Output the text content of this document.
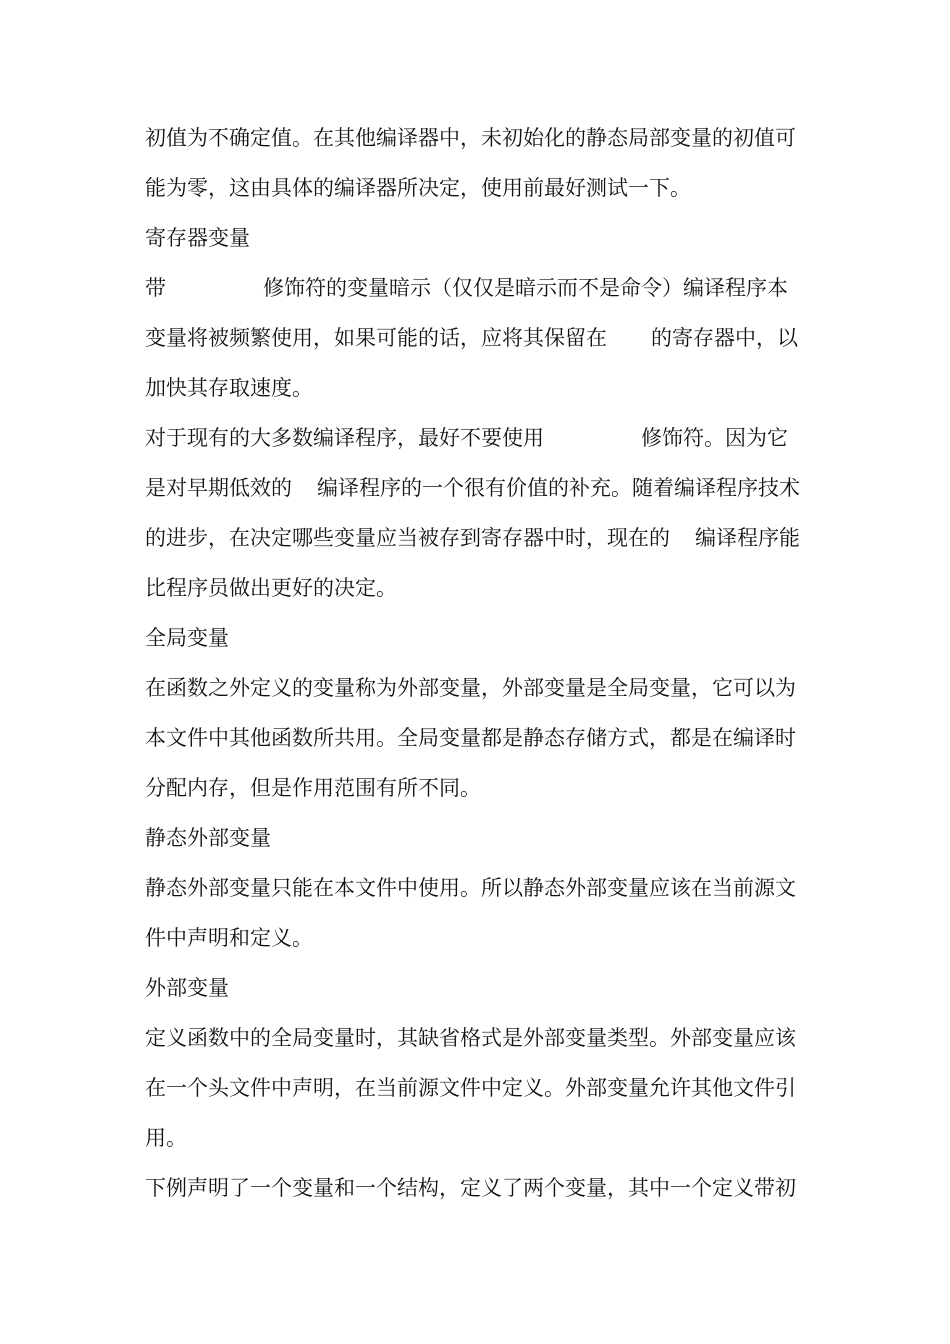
初值为不确定值。在其他编译器中，未初始化的静态局部变量的初值可
能为零，这由具体的编译器所决定，使用前最好测试一下。
寄存器变量
带	修饰符的变量暗示（仅仅是暗示而不是命令）编译程序本
变量将被频繁使用，如果可能的话，应将其保留在 的寄存器中，以
加快其存取速度。
对于现有的大多数编译程序，最好不要使用	修饰符。因为它
是对早期低效的 编译程序的一个很有价值的补充。随着编译程序技术
的进步，在决定哪些变量应当被存到寄存器中时，现在的 编译程序能
比程序员做出更好的决定。
全局变量
在函数之外定义的变量称为外部变量，外部变量是全局变量，它可以为
本文件中其他函数所共用。全局变量都是静态存储方式，都是在编译时
分配内存，但是作用范围有所不同。
静态外部变量
静态外部变量只能在本文件中使用。所以静态外部变量应该在当前源文
件中声明和定义。
外部变量
定义函数中的全局变量时，其缺省格式是外部变量类型。外部变量应该
在一个头文件中声明，在当前源文件中定义。外部变量允许其他文件引
用。
下例声明了一个变量和一个结构，定义了两个变量，其中一个定义带初
